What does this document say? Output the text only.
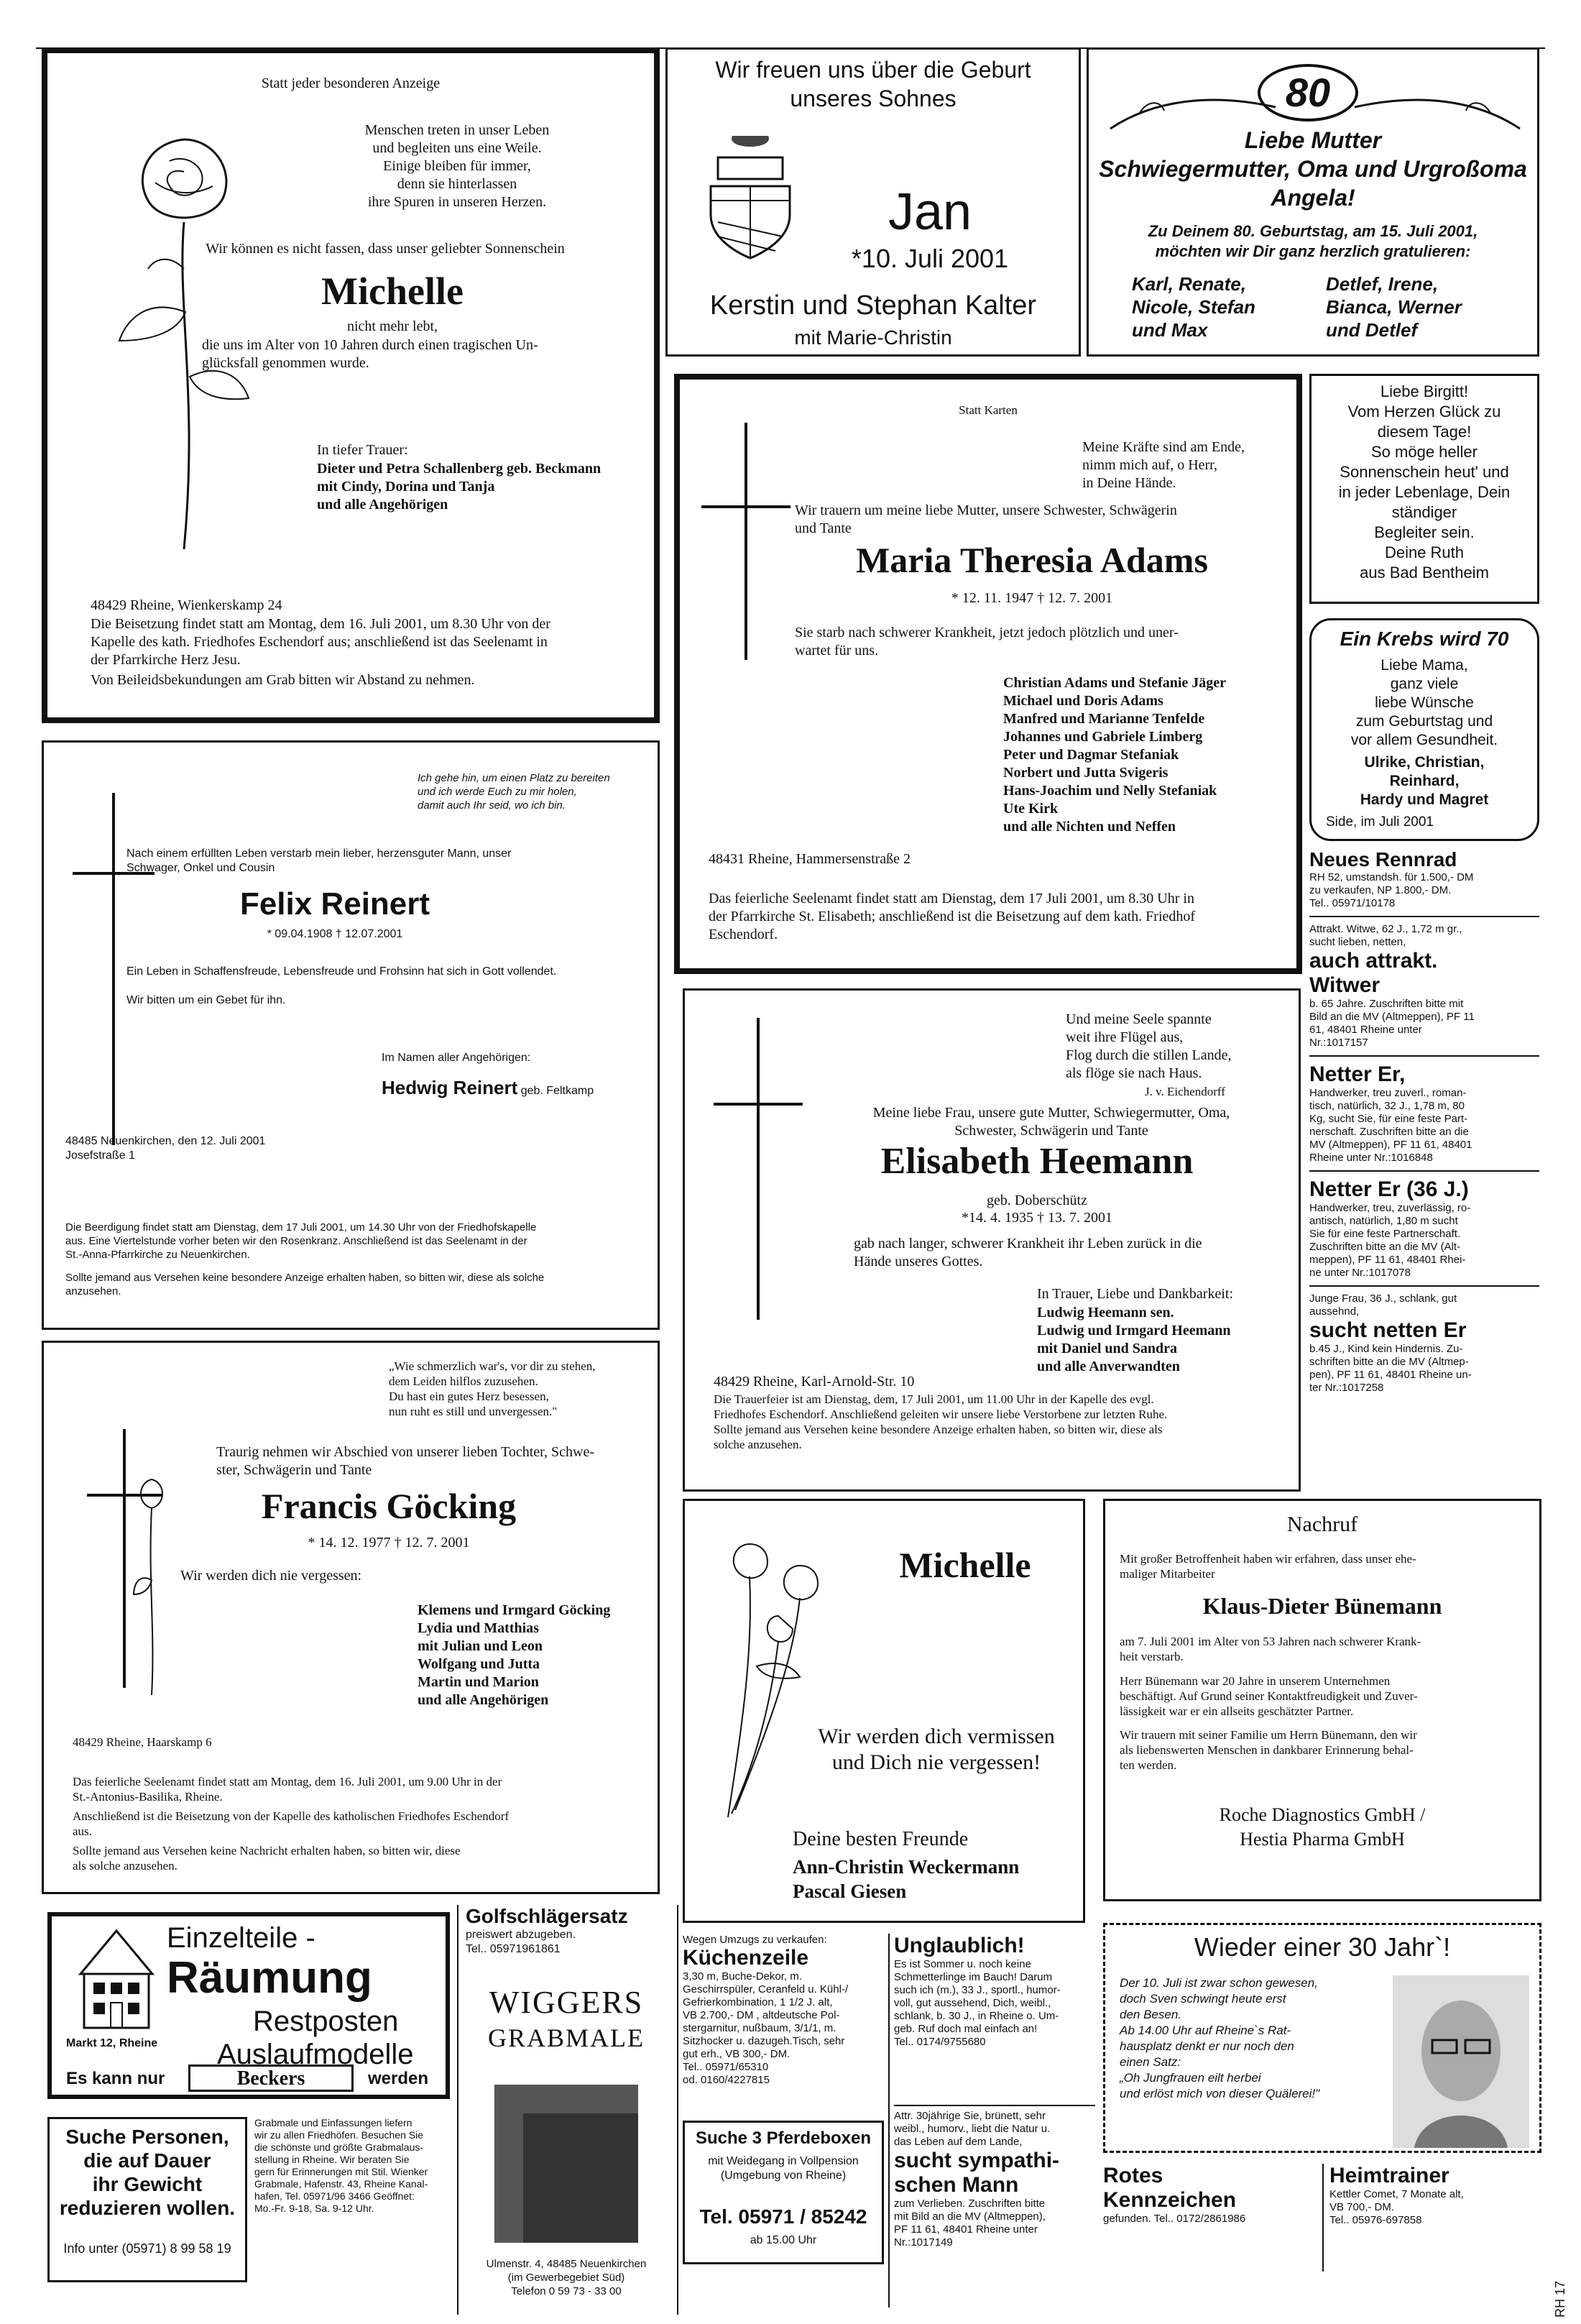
Statt jeder besonderen Anzeige
Menschen treten in unser Leben
und begleiten uns eine Weile.
Einige bleiben für immer,
denn sie hinterlassen
ihre Spuren in unseren Herzen.
Wir können es nicht fassen, dass unser geliebter Sonnenschein
Michelle
nicht mehr lebt,
die uns im Alter von 10 Jahren durch einen tragischen Un-
glücksfall genommen wurde.
In tiefer Trauer:
Dieter und Petra Schallenberg geb. Beckmann
mit Cindy, Dorina und Tanja
und alle Angehörigen
48429 Rheine, Wienkerskamp 24
Die Beisetzung findet statt am Montag, dem 16. Juli 2001, um 8.30 Uhr von der
Kapelle des kath. Friedhofes Eschendorf aus; anschließend ist das Seelenamt in
der Pfarrkirche Herz Jesu.
Von Beileidsbekundungen am Grab bitten wir Abstand zu nehmen.
Wir freuen uns über die Geburt
unseres Sohnes
Jan
*10. Juli 2001
Kerstin und Stephan Kalter
mit Marie-Christin
80
Liebe Mutter
Schwiegermutter, Oma und Urgroßoma
Angela!
Zu Deinem 80. Geburtstag, am 15. Juli 2001,
möchten wir Dir ganz herzlich gratulieren:
Karl, Renate,
Nicole, Stefan
und Max
Detlef, Irene,
Bianca, Werner
und Detlef
Statt Karten
Meine Kräfte sind am Ende,
nimm mich auf, o Herr,
in Deine Hände.
Wir trauern um meine liebe Mutter, unsere Schwester, Schwägerin
und Tante
Maria Theresia Adams
* 12. 11. 1947 † 12. 7. 2001
Sie starb nach schwerer Krankheit, jetzt jedoch plötzlich und uner-
wartet für uns.
Christian Adams und Stefanie Jäger
Michael und Doris Adams
Manfred und Marianne Tenfelde
Johannes und Gabriele Limberg
Peter und Dagmar Stefaniak
Norbert und Jutta Svigeris
Hans-Joachim und Nelly Stefaniak
Ute Kirk
und alle Nichten und Neffen
48431 Rheine, Hammersenstraße 2
Das feierliche Seelenamt findet statt am Dienstag, dem 17 Juli 2001, um 8.30 Uhr in
der Pfarrkirche St. Elisabeth; anschließend ist die Beisetzung auf dem kath. Friedhof
Eschendorf.
Liebe Birgitt!
Vom Herzen Glück zu
diesem Tage!
So möge heller
Sonnenschein heut' und
in jeder Lebenlage, Dein
ständiger
Begleiter sein.
Deine Ruth
aus Bad Bentheim
Ein Krebs wird 70
Liebe Mama,
ganz viele
liebe Wünsche
zum Geburtstag und
vor allem Gesundheit.
Ulrike, Christian,
Reinhard,
Hardy und Magret
Side, im Juli 2001
Neues Rennrad
RH 52, umstandsh. für 1.500,- DM
zu verkaufen, NP 1.800,- DM.
Tel.. 05971/10178
Attrakt. Witwe, 62 J., 1,72 m gr.,
sucht lieben, netten,
auch attrakt.
Witwer
b. 65 Jahre. Zuschriften bitte mit
Bild an die MV (Altmeppen), PF 11
61, 48401 Rheine unter
Nr.:1017157
Netter Er,
Handwerker, treu zuverl., roman-
tisch, natürlich, 32 J., 1,78 m, 80
Kg, sucht Sie, für eine feste Part-
nerschaft. Zuschriften bitte an die
MV (Altmeppen), PF 11 61, 48401
Rheine unter Nr.:1016848
Netter Er (36 J.)
Handwerker, treu, zuverlässig, ro-
antisch, natürlich, 1,80 m sucht
Sie für eine feste Partnerschaft.
Zuschriften bitte an die MV (Alt-
meppen), PF 11 61, 48401 Rhei-
ne unter Nr.:1017078
Junge Frau, 36 J., schlank, gut
aussehnd,
sucht netten Er
b.45 J., Kind kein Hindernis. Zu-
schriften bitte an die MV (Altmep-
pen), PF 11 61, 48401 Rheine un-
ter Nr.:1017258
Ich gehe hin, um einen Platz zu bereiten
und ich werde Euch zu mir holen,
damit auch Ihr seid, wo ich bin.
Nach einem erfüllten Leben verstarb mein lieber, herzensguter Mann, unser
Schwager, Onkel und Cousin
Felix Reinert
* 09.04.1908 † 12.07.2001
Ein Leben in Schaffensfreude, Lebensfreude und Frohsinn hat sich in Gott vollendet.
Wir bitten um ein Gebet für ihn.
Im Namen aller Angehörigen:
Hedwig Reinert geb. Feltkamp
48485 Neuenkirchen, den 12. Juli 2001
Josefstraße 1
Die Beerdigung findet statt am Dienstag, dem 17 Juli 2001, um 14.30 Uhr von der Friedhofskapelle
aus. Eine Viertelstunde vorher beten wir den Rosenkranz. Anschließend ist das Seelenamt in der
St.-Anna-Pfarrkirche zu Neuenkirchen.
Sollte jemand aus Versehen keine besondere Anzeige erhalten haben, so bitten wir, diese als solche
anzusehen.
Und meine Seele spannte
weit ihre Flügel aus,
Flog durch die stillen Lande,
als flöge sie nach Haus.
J. v. Eichendorff
Meine liebe Frau, unsere gute Mutter, Schwiegermutter, Oma,
Schwester, Schwägerin und Tante
Elisabeth Heemann
geb. Doberschütz
*14. 4. 1935 † 13. 7. 2001
gab nach langer, schwerer Krankheit ihr Leben zurück in die
Hände unseres Gottes.
In Trauer, Liebe und Dankbarkeit:
Ludwig Heemann sen.
Ludwig und Irmgard Heemann
mit Daniel und Sandra
und alle Anverwandten
48429 Rheine, Karl-Arnold-Str. 10
Die Trauerfeier ist am Dienstag, dem, 17 Juli 2001, um 11.00 Uhr in der Kapelle des evgl.
Friedhofes Eschendorf. Anschließend geleiten wir unsere liebe Verstorbene zur letzten Ruhe.
Sollte jemand aus Versehen keine besondere Anzeige erhalten haben, so bitten wir, diese als
solche anzusehen.
„Wie schmerzlich war's, vor dir zu stehen,
dem Leiden hilflos zuzusehen.
Du hast ein gutes Herz besessen,
nun ruht es still und unvergessen."
Traurig nehmen wir Abschied von unserer lieben Tochter, Schwe-
ster, Schwägerin und Tante
Francis Göcking
* 14. 12. 1977 † 12. 7. 2001
Wir werden dich nie vergessen:
Klemens und Irmgard Göcking
Lydia und Matthias
mit Julian und Leon
Wolfgang und Jutta
Martin und Marion
und alle Angehörigen
48429 Rheine, Haarskamp 6
Das feierliche Seelenamt findet statt am Montag, dem 16. Juli 2001, um 9.00 Uhr in der
St.-Antonius-Basilika, Rheine.
Anschließend ist die Beisetzung von der Kapelle des katholischen Friedhofes Eschendorf
aus.
Sollte jemand aus Versehen keine Nachricht erhalten haben, so bitten wir, diese
als solche anzusehen.
Michelle
Wir werden dich vermissen
und Dich nie vergessen!
Deine besten Freunde
Ann-Christin Weckermann
Pascal Giesen
Nachruf
Mit großer Betroffenheit haben wir erfahren, dass unser ehe-
maliger Mitarbeiter
Klaus-Dieter Bünemann
am 7. Juli 2001 im Alter von 53 Jahren nach schwerer Krank-
heit verstarb.
Herr Bünemann war 20 Jahre in unserem Unternehmen
beschäftigt. Auf Grund seiner Kontaktfreudigkeit und Zuver-
lässigkeit war er ein allseits geschätzter Partner.
Wir trauern mit seiner Familie um Herrn Bünemann, den wir
als liebenswerten Menschen in dankbarer Erinnerung behal-
ten werden.
Roche Diagnostics GmbH /
Hestia Pharma GmbH
Einzelteile -
Räumung
Restposten
Auslaufmodelle
Markt 12, Rheine
Es kann nur	Beckers	werden
Golfschlägersatz
preiswert abzugeben.
Tel.. 05971961861
WIGGERS
GRABMALE
Ulmenstr. 4, 48485 Neuenkirchen
(im Gewerbegebiet Süd)
Telefon 0 59 73 - 33 00
Suche Personen,
die auf Dauer
ihr Gewicht
reduzieren wollen.
Info unter (05971) 8 99 58 19
Grabmale und Einfassungen liefern
wir zu allen Friedhöfen. Besuchen Sie
die schönste und größte Grabmalaus-
stellung in Rheine. Wir beraten Sie
gern für Erinnerungen mit Stil. Wienker
Grabmale, Hafenstr. 43, Rheine Kanal-
hafen, Tel. 05971/96 3466 Geöffnet:
Mo.-Fr. 9-18, Sa. 9-12 Uhr.
Wegen Umzugs zu verkaufen:
Küchenzeile
3,30 m, Buche-Dekor, m.
Geschirrspüler, Ceranfeld u. Kühl-/
Gefrierkombination, 1 1/2 J. alt,
VB 2.700,- DM , altdeutsche Pol-
stergarnitur, nußbaum, 3/1/1, m.
Sitzhocker u. dazugeh.Tisch, sehr
gut erh., VB 300,- DM.
Tel.. 05971/65310
od. 0160/4227815
Unglaublich!
Es ist Sommer u. noch keine
Schmetterlinge im Bauch! Darum
such ich (m.), 33 J., sportl., humor-
voll, gut aussehend, Dich, weibl.,
schlank, b. 30 J., in Rheine o. Um-
geb. Ruf doch mal einfach an!
Tel.. 0174/9755680
Attr. 30jährige Sie, brünett, sehr
weibl., humorv., liebt die Natur u.
das Leben auf dem Lande,
sucht sympathi-
schen Mann
zum Verlieben. Zuschriften bitte
mit Bild an die MV (Altmeppen),
PF 11 61, 48401 Rheine unter
Nr.:1017149
Suche 3 Pferdeboxen
mit Weidegang in Vollpension
(Umgebung von Rheine)
Tel. 05971 / 85242
ab 15.00 Uhr
Wieder einer 30 Jahr`!
Der 10. Juli ist zwar schon gewesen,
doch Sven schwingt heute erst
den Besen.
Ab 14.00 Uhr auf Rheine`s Rat-
hausplatz denkt er nur noch den
einen Satz:
„Oh Jungfrauen eilt herbei
und erlöst mich von dieser Quälerei!"
Rotes
Kennzeichen
gefunden. Tel.. 0172/2861986
Heimtrainer
Kettler Comet, 7 Monate alt,
VB 700,- DM.
Tel.. 05976-697858
RH 17
